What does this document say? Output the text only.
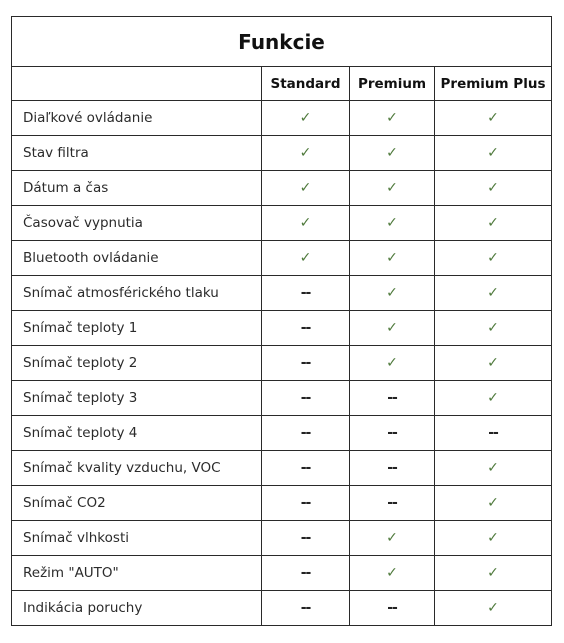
Funkcie			
	Standard	Premium	Premium Plus
Diaľkové ovládanie	✓	✓	✓
Stav filtra	✓	✓	✓
Dátum a čas	✓	✓	✓
Časovač vypnutia	✓	✓	✓
Bluetooth ovládanie	✓	✓	✓
Snímač atmosférického tlaku	--	✓	✓
Snímač teploty 1	--	✓	✓
Snímač teploty 2	--	✓	✓
Snímač teploty 3	--	--	✓
Snímač teploty 4	--	--	--
Snímač kvality vzduchu, VOC	--	--	✓
Snímač CO2	--	--	✓
Snímač vlhkosti	--	✓	✓
Režim "AUTO"	--	✓	✓
Indikácia poruchy	--	--	✓
